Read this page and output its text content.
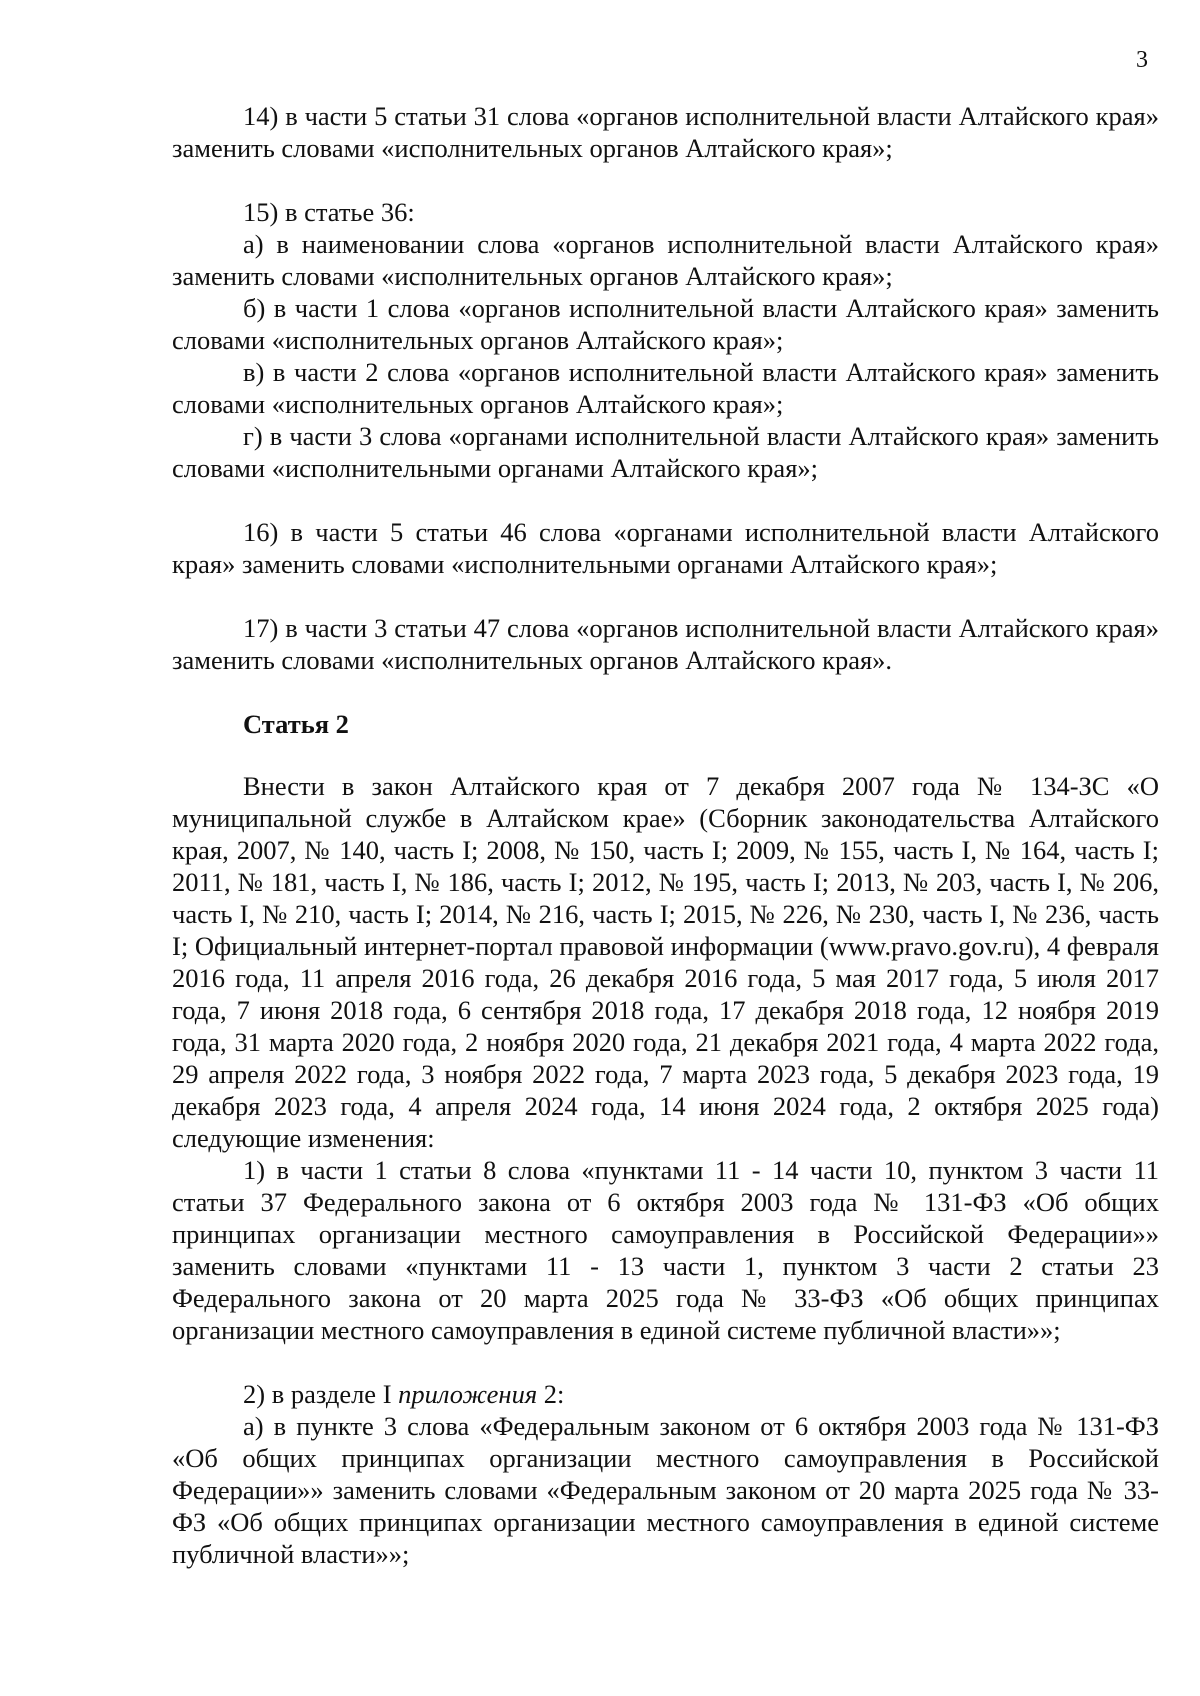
3

14) в части 5 статьи 31 слова «органов исполнительной власти Алтайского края» заменить словами «исполнительных органов Алтайского края»;

15) в статье 36:

а) в наименовании слова «органов исполнительной власти Алтайского края» заменить словами «исполнительных органов Алтайского края»;

б) в части 1 слова «органов исполнительной власти Алтайского края» заменить словами «исполнительных органов Алтайского края»;

в) в части 2 слова «органов исполнительной власти Алтайского края» заменить словами «исполнительных органов Алтайского края»;

г) в части 3 слова «органами исполнительной власти Алтайского края» заменить словами «исполнительными органами Алтайского края»;

16) в части 5 статьи 46 слова «органами исполнительной власти Алтайского края» заменить словами «исполнительными органами Алтайского края»;

17) в части 3 статьи 47 слова «органов исполнительной власти Алтайского края» заменить словами «исполнительных органов Алтайского края».

Статья 2

Внести в закон Алтайского края от 7 декабря 2007 года № 134-ЗС «О муниципальной службе в Алтайском крае» (Сборник законодательства Алтайского края, 2007, № 140, часть I; 2008, № 150, часть I; 2009, № 155, часть I, № 164, часть I; 2011, № 181, часть I, № 186, часть I; 2012, № 195, часть I; 2013, № 203, часть I, № 206, часть I, № 210, часть I; 2014, № 216, часть I; 2015, № 226, № 230, часть I, № 236, часть I; Официальный интернет-портал правовой информации (www.pravo.gov.ru), 4 февраля 2016 года, 11 апреля 2016 года, 26 декабря 2016 года, 5 мая 2017 года, 5 июля 2017 года, 7 июня 2018 года, 6 сентября 2018 года, 17 декабря 2018 года, 12 ноября 2019 года, 31 марта 2020 года, 2 ноября 2020 года, 21 декабря 2021 года, 4 марта 2022 года, 29 апреля 2022 года, 3 ноября 2022 года, 7 марта 2023 года, 5 декабря 2023 года, 19 декабря 2023 года, 4 апреля 2024 года, 14 июня 2024 года, 2 октября 2025 года) следующие изменения:

1) в части 1 статьи 8 слова «пунктами 11 - 14 части 10, пунктом 3 части 11 статьи 37 Федерального закона от 6 октября 2003 года № 131-ФЗ «Об общих принципах организации местного самоуправления в Российской Федерации»» заменить словами «пунктами 11 - 13 части 1, пунктом 3 части 2 статьи 23 Федерального закона от 20 марта 2025 года № 33-ФЗ «Об общих принципах организации местного самоуправления в единой системе публичной власти»»;

2) в разделе I приложения 2:

а) в пункте 3 слова «Федеральным законом от 6 октября 2003 года № 131-ФЗ «Об общих принципах организации местного самоуправления в Российской Федерации»» заменить словами «Федеральным законом от 20 марта 2025 года № 33-ФЗ «Об общих принципах организации местного самоуправления в единой системе публичной власти»»;
